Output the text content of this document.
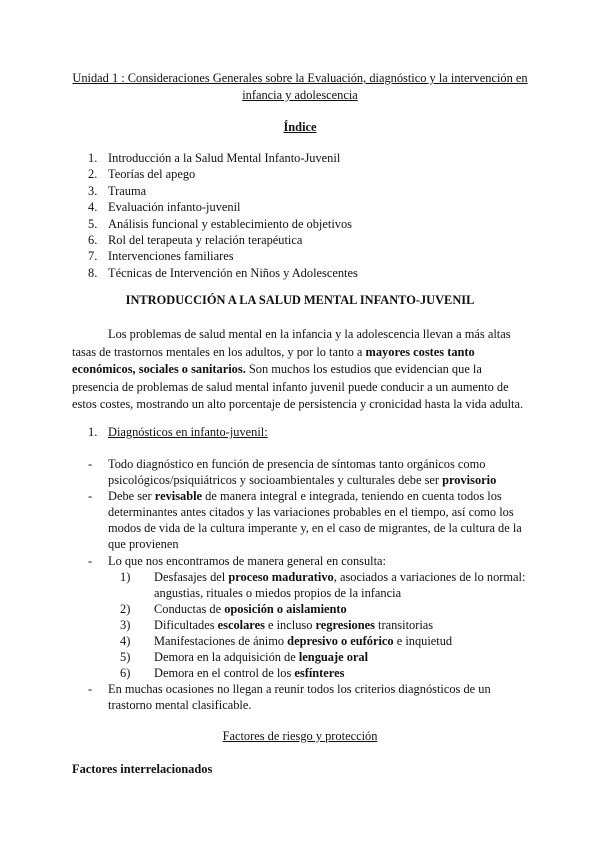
Unidad 1 : Consideraciones Generales sobre la Evaluación, diagnóstico y la intervención en infancia y adolescencia
Índice
1. Introducción a la Salud Mental Infanto-Juvenil
2. Teorías del apego
3. Trauma
4. Evaluación infanto-juvenil
5. Análisis funcional y establecimiento de objetivos
6. Rol del terapeuta y relación terapéutica
7. Intervenciones familiares
8. Técnicas de Intervención en Niños y Adolescentes
INTRODUCCIÓN A LA SALUD MENTAL INFANTO-JUVENIL

Los problemas de salud mental en la infancia y la adolescencia llevan a más altas tasas de trastornos mentales en los adultos, y por lo tanto a mayores costes tanto económicos, sociales o sanitarios. Son muchos los estudios que evidencian que la presencia de problemas de salud mental infanto juvenil puede conducir a un aumento de estos costes, mostrando un alto porcentaje de persistencia y cronicidad hasta la vida adulta.

1. Diagnósticos en infanto-juvenil:
- Todo diagnóstico en función de presencia de síntomas tanto orgánicos como psicológicos/psiquiátricos y socioambientales y culturales debe ser provisorio
- Debe ser revisable de manera integral e integrada, teniendo en cuenta todos los determinantes antes citados y las variaciones probables en el tiempo, así como los modos de vida de la cultura imperante y, en el caso de migrantes, de la cultura de la que provienen
- Lo que nos encontramos de manera general en consulta:
1) Desfasajes del proceso madurativo, asociados a variaciones de lo normal: angustias, rituales o miedos propios de la infancia
2) Conductas de oposición o aislamiento
3) Dificultades escolares e incluso regresiones transitorias
4) Manifestaciones de ánimo depresivo o eufórico e inquietud
5) Demora en la adquisición de lenguaje oral
6) Demora en el control de los esfínteres
- En muchas ocasiones no llegan a reunir todos los criterios diagnósticos de un trastorno mental clasificable.
Factores de riesgo y protección
Factores interrelacionados
